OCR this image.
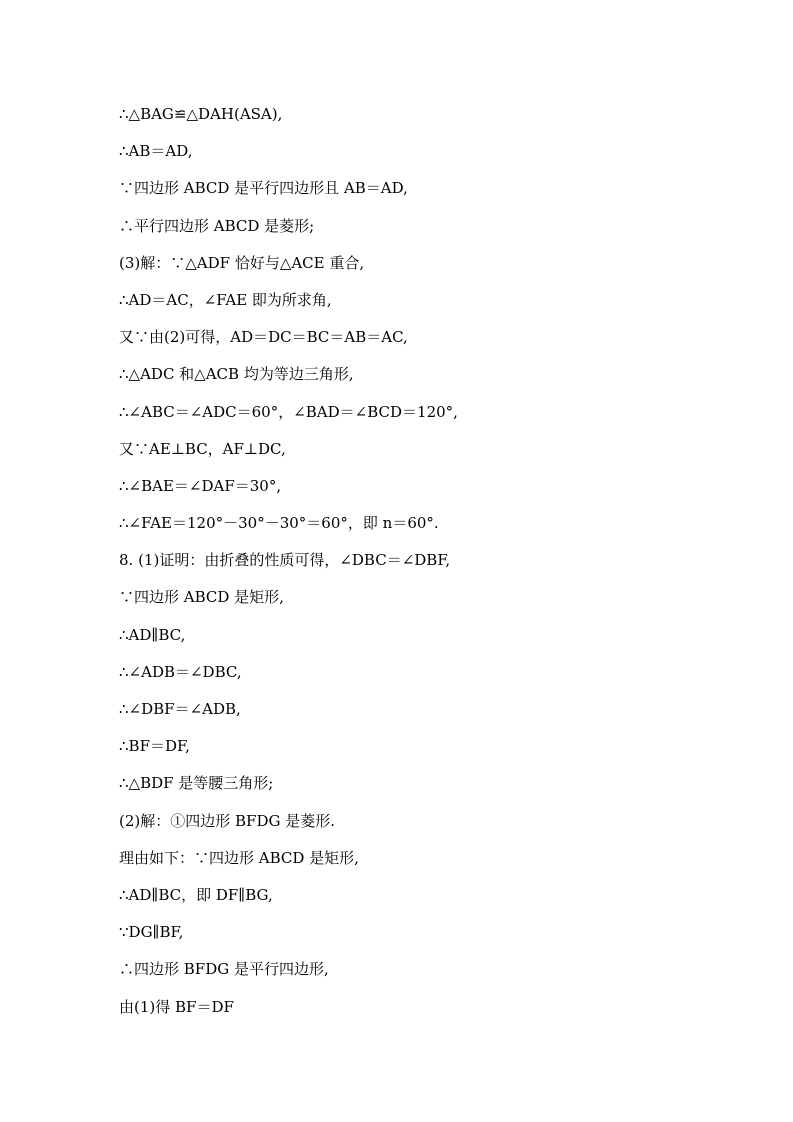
∴△BAG≌△DAH(ASA),
∴AB＝AD,
∵四边形 ABCD 是平行四边形且 AB＝AD,
∴平行四边形 ABCD 是菱形;
(3)解：∵△ADF 恰好与△ACE 重合,
∴AD＝AC，∠FAE 即为所求角,
又∵由(2)可得，AD＝DC＝BC＝AB＝AC,
∴△ADC 和△ACB 均为等边三角形,
∴∠ABC＝∠ADC＝60°，∠BAD＝∠BCD＝120°,
又∵AE⊥BC，AF⊥DC,
∴∠BAE＝∠DAF＝30°,
∴∠FAE＝120°－30°－30°＝60°，即 n＝60°.
8. (1)证明：由折叠的性质可得，∠DBC＝∠DBF,
∵四边形 ABCD 是矩形,
∴AD∥BC,
∴∠ADB＝∠DBC,
∴∠DBF＝∠ADB,
∴BF＝DF,
∴△BDF 是等腰三角形;
(2)解：①四边形 BFDG 是菱形.
理由如下：∵四边形 ABCD 是矩形,
∴AD∥BC，即 DF∥BG,
∵DG∥BF,
∴四边形 BFDG 是平行四边形,
由(1)得 BF＝DF
